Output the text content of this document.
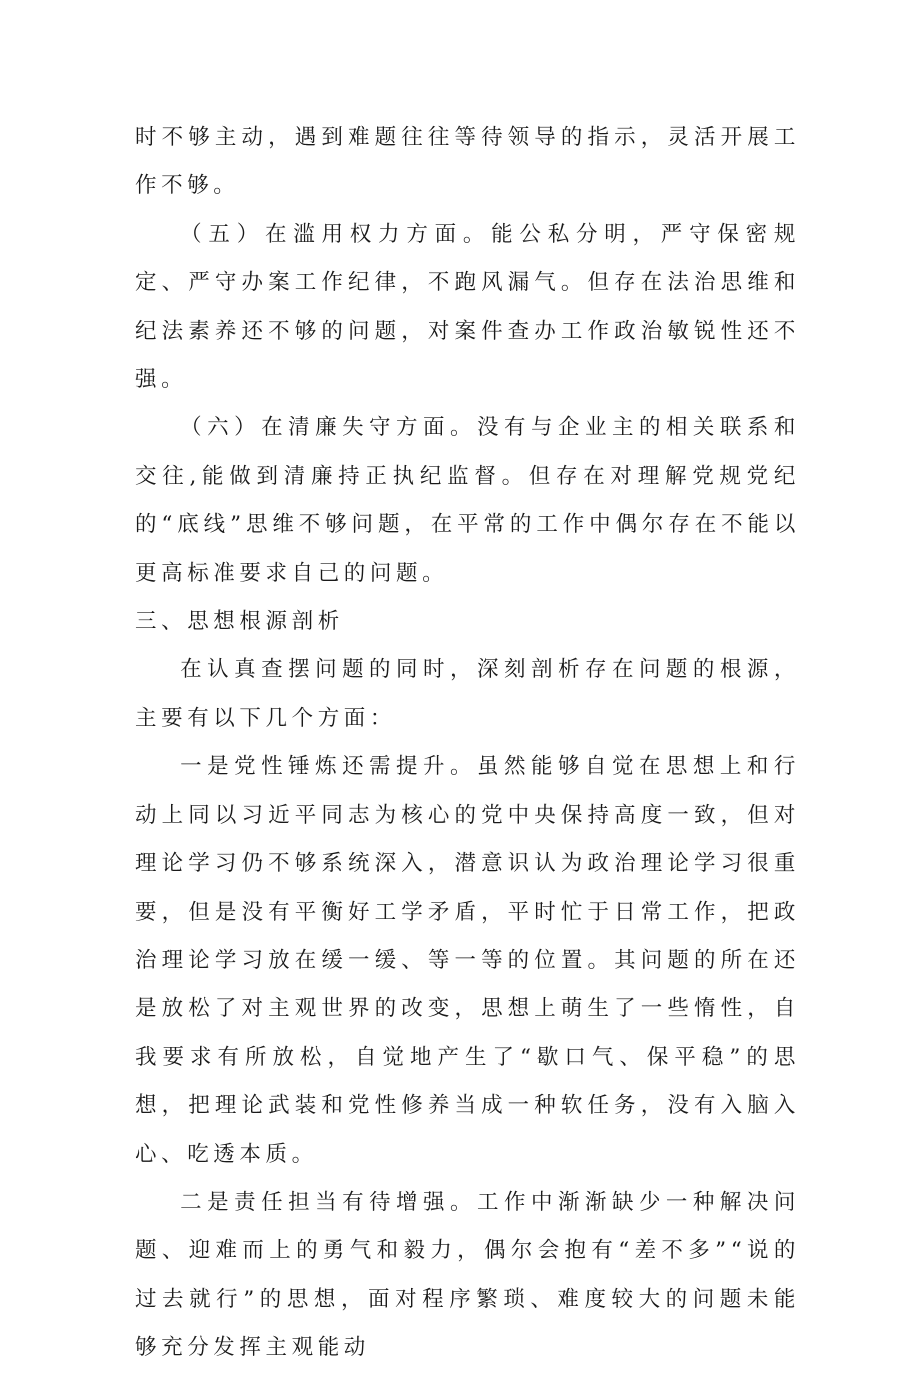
时不够主动，遇到难题往往等待领导的指示，灵活开展工作不够。

（五）在滥用权力方面。能公私分明，严守保密规定、严守办案工作纪律，不跑风漏气。但存在法治思维和纪法素养还不够的问题，对案件查办工作政治敏锐性还不强。

（六）在清廉失守方面。没有与企业主的相关联系和交往,能做到清廉持正执纪监督。但存在对理解党规党纪的“底线”思维不够问题，在平常的工作中偶尔存在不能以更高标准要求自己的问题。

三、思想根源剖析

在认真查摆问题的同时，深刻剖析存在问题的根源，主要有以下几个方面：

一是党性锤炼还需提升。虽然能够自觉在思想上和行动上同以习近平同志为核心的党中央保持高度一致，但对理论学习仍不够系统深入，潜意识认为政治理论学习很重要，但是没有平衡好工学矛盾，平时忙于日常工作，把政治理论学习放在缓一缓、等一等的位置。其问题的所在还是放松了对主观世界的改变，思想上萌生了一些惰性，自我要求有所放松，自觉地产生了“歇口气、保平稳”的思想，把理论武装和党性修养当成一种软任务，没有入脑入心、吃透本质。

二是责任担当有待增强。工作中渐渐缺少一种解决问题、迎难而上的勇气和毅力，偶尔会抱有“差不多”“说的过去就行”的思想，面对程序繁琐、难度较大的问题未能够充分发挥主观能动
